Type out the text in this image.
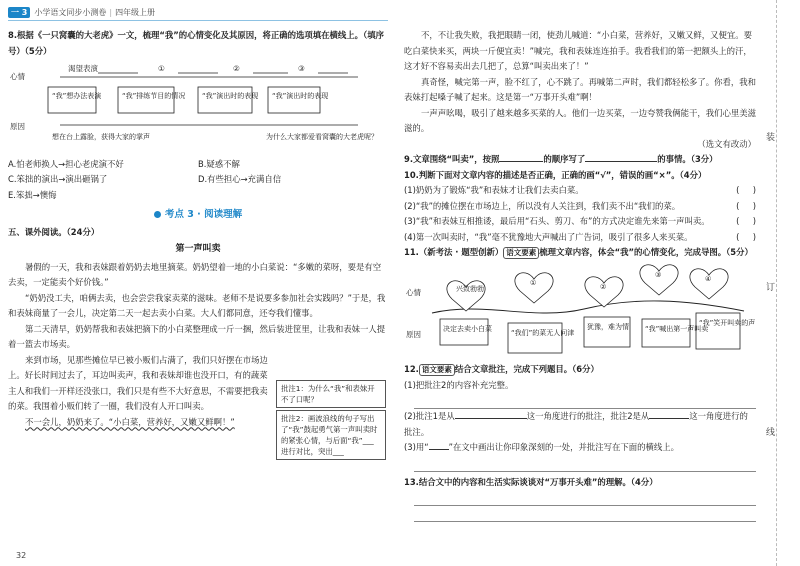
一 3 小学语文同步小测卷 | 四年级上册

8.根据《一只窝囊的大老虎》一文，梳理“我”的心情变化及其原因，将正确的选项填在横线上。（填序号）（5分）

心情
原因
渴望表演	①	②	③
“我”想办法表演	“我”排练节目的情况 “我”演出时的表现 “我”演出时的表现
想在台上露脸，获得大家的掌声	为什么大家都爱看窝囊的大老虎呢？
A.怕老师换人→担心老虎演不好	B.疑惑不解
C.笨拙的演出→演出砸锅了	D.有些担心→充满自信
E.笨拙→懊悔
考点 3 · 阅读理解

五、课外阅读。（24分）

第一声叫卖

暑假的一天，我和表妹跟着奶奶去地里摘菜。奶奶望着一地的小白菜说：“多嫩的菜呀，要是有空去卖，一定能卖个好价钱。”

“奶奶没工夫，咱俩去卖，也会尝尝我家卖菜的滋味。老师不是说要多参加社会实践吗？”于是，我和表妹商量了一会儿，决定第二天一起去卖小白菜。大人们都同意，还夸我们懂事。

第二天清早，奶奶帮我和表妹把摘下的小白菜整理成一斤一捆，然后装进筐里，让我和表妹一人提着一篮去市场卖。

来到市场，见那些摊位早已被小贩们占满了，我们只好摆在市场边上。好长时间过去了，耳边叫卖声，我和表妹却谁也没开口，有的蔬菜主人和我们一开样还没张口，我们只是有些不大好意思，不需要把我卖的菜。我围着小贩们转了一圈，我们没有人开口叫卖。

不一会儿，奶奶来了。“小白菜，营养好，又嫩又鲜啊！”

批注1：为什么“我”和表妹开不了口呢？
批注2：画波浪线的句子写出了“我”鼓起勇气第一声叫卖时的紧张心情，与后面“我”___进行对比，突出___

不，不让我失败，我把眼睛一闭，使劲儿喊道：“小白菜，营养好，又嫩又鲜，又便宜。要吃白菜快来买，两块一斤便宜卖！”喊完，我和表妹连连拍手。我看我们的第一把额头上的汗，这才好不容易卖出去几把了，总算“叫卖出来了！”

真奇怪，喊完第一声，脸不红了，心不跳了。再喊第二声时，我们都轻松多了。你看，我和表妹打起嗓子喊了起来。这是第一“万事开头难”啊！

一声声吆喝，吸引了越来越多买菜的人。他们一边买菜，一边夸赞我俩能干，我们心里美滋滋的。

（选文有改动）

9.文章围绕“叫卖”，按照	的顺序写了	的事情。（3分）

10.判断下面对文章内容的描述是否正确，正确的画“√”，错误的画“×”。（4分）

(1)奶奶为了锻炼“我”和表妹才让我们去卖白菜。	(     )

(2)“我”的摊位摆在市场边上，所以没有人关注到，我们卖不出“我们的菜。	(     )

(3)“我”和表妹互相推诿，最后用“石头、剪刀、布”的方式决定谁先来第一声叫卖。	(     )

(4)第一次叫卖时，“我”毫不犹豫地大声喊出了广告词，吸引了很多人来买菜。	(     )

11.（新考法 · 题型创新） 语文要素 梳理文章内容，体会“我”的心情变化，完成导图。（5分）

心情
原因
兴致勃勃
①	②
③	④
决定去卖小白菜	“我们”的菜无人问津
犹豫，难为情 “我”喊出第一声叫卖
“我”笑开叫卖的声

12. 语文要素 结合文章批注，完成下列题目。（6分）

(1)把批注2的内容补充完整。

(2)批注1是从	这一角度进行的批注，批注2是从	这一角度进行的批注。

(3)用“ ”在文中画出让你印象深刻的一处，并批注写在下面的横线上。

13.结合文中的内容和生活实际谈谈对“万事开头难”的理解。（4分）

装
订
线
32
